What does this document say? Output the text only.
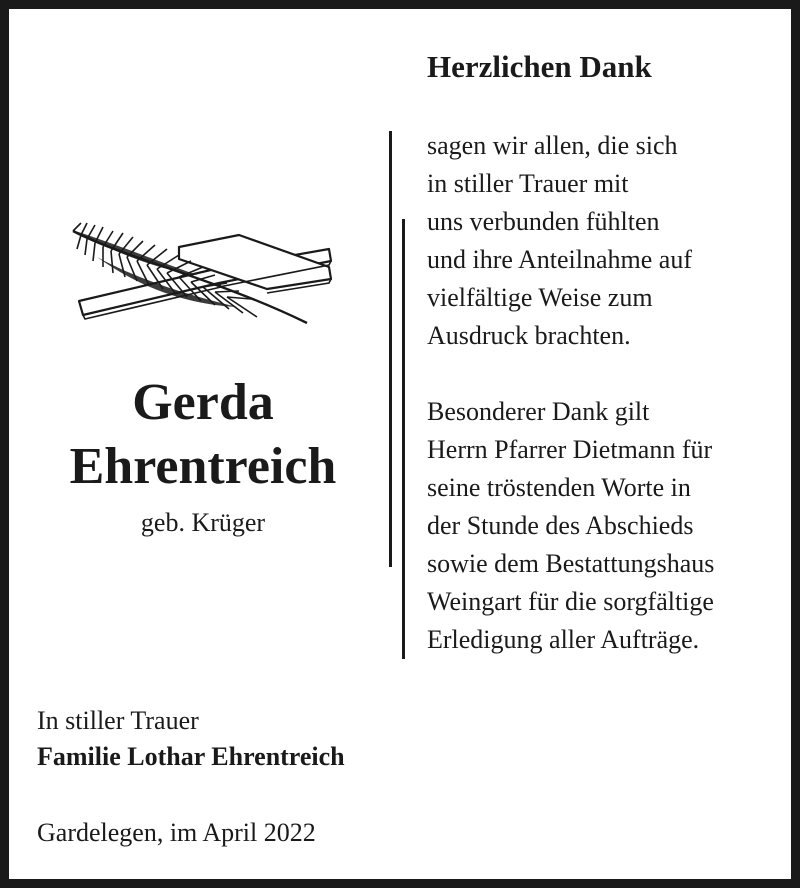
Herzlichen Dank
sagen wir allen, die sich
in stiller Trauer mit
uns verbunden fühlten
und ihre Anteilnahme auf
vielfältige Weise zum
Ausdruck brachten.
Besonderer Dank gilt
Herrn Pfarrer Dietmann für
seine tröstenden Worte in
der Stunde des Abschieds
sowie dem Bestattungshaus
Weingart für die sorgfältige
Erledigung aller Aufträge.
Gerda
Ehrentreich
geb. Krüger
In stiller Trauer
Familie Lothar Ehrentreich
Gardelegen, im April 2022
